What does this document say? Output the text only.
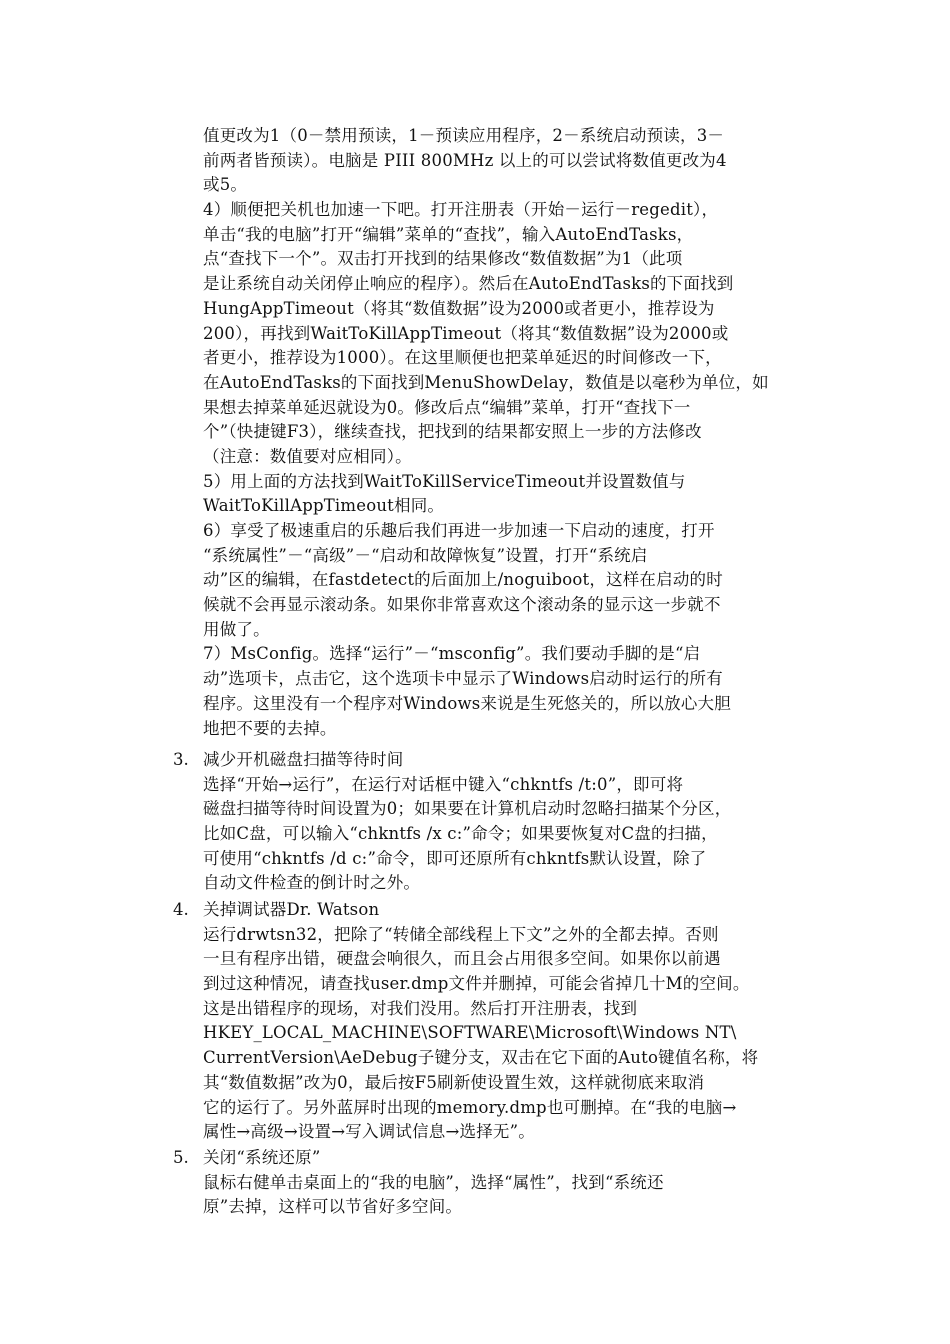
值更改为1（0－禁用预读，1－预读应用程序，2－系统启动预读，3－
前两者皆预读）。电脑是 PIII 800MHz 以上的可以尝试将数值更改为4
或5。
4）顺便把关机也加速一下吧。打开注册表（开始－运行－regedit），
单击“我的电脑”打开“编辑”菜单的“查找”，输入AutoEndTasks，
点“查找下一个”。双击打开找到的结果修改“数值数据”为1（此项
是让系统自动关闭停止响应的程序）。然后在AutoEndTasks的下面找到
HungAppTimeout（将其“数值数据”设为2000或者更小，推荐设为
200），再找到WaitToKillAppTimeout（将其“数值数据”设为2000或
者更小，推荐设为1000）。在这里顺便也把菜单延迟的时间修改一下，
在AutoEndTasks的下面找到MenuShowDelay，数值是以毫秒为单位，如
果想去掉菜单延迟就设为0。修改后点“编辑”菜单，打开“查找下一
个”（快捷键F3），继续查找，把找到的结果都安照上一步的方法修改
（注意：数值要对应相同）。
5）用上面的方法找到WaitToKillServiceTimeout并设置数值与
WaitToKillAppTimeout相同。
6）享受了极速重启的乐趣后我们再进一步加速一下启动的速度，打开
“系统属性”－“高级”－“启动和故障恢复”设置，打开“系统启
动”区的编辑，在fastdetect的后面加上/noguiboot，这样在启动的时
候就不会再显示滚动条。如果你非常喜欢这个滚动条的显示这一步就不
用做了。
7）MsConfig。选择“运行”－“msconfig”。我们要动手脚的是“启
动”选项卡，点击它，这个选项卡中显示了Windows启动时运行的所有
程序。这里没有一个程序对Windows来说是生死悠关的，所以放心大胆
地把不要的去掉。
3. 减少开机磁盘扫描等待时间
选择“开始→运行”，在运行对话框中键入“chkntfs /t:0”，即可将
磁盘扫描等待时间设置为0；如果要在计算机启动时忽略扫描某个分区，
比如C盘，可以输入“chkntfs /x c:”命令；如果要恢复对C盘的扫描，
可使用“chkntfs /d c:”命令，即可还原所有chkntfs默认设置，除了
自动文件检查的倒计时之外。
4. 关掉调试器Dr. Watson
运行drwtsn32，把除了“转储全部线程上下文”之外的全都去掉。否则
一旦有程序出错，硬盘会响很久，而且会占用很多空间。如果你以前遇
到过这种情况，请查找user.dmp文件并删掉，可能会省掉几十M的空间。
这是出错程序的现场，对我们没用。然后打开注册表，找到
HKEY_LOCAL_MACHINE\SOFTWARE\Microsoft\Windows NT\
CurrentVersion\AeDebug子键分支，双击在它下面的Auto键值名称，将
其“数值数据”改为0，最后按F5刷新使设置生效，这样就彻底来取消
它的运行了。另外蓝屏时出现的memory.dmp也可删掉。在“我的电脑→
属性→高级→设置→写入调试信息→选择无”。
5. 关闭“系统还原”
鼠标右健单击桌面上的“我的电脑”，选择“属性”，找到“系统还
原”去掉，这样可以节省好多空间。
